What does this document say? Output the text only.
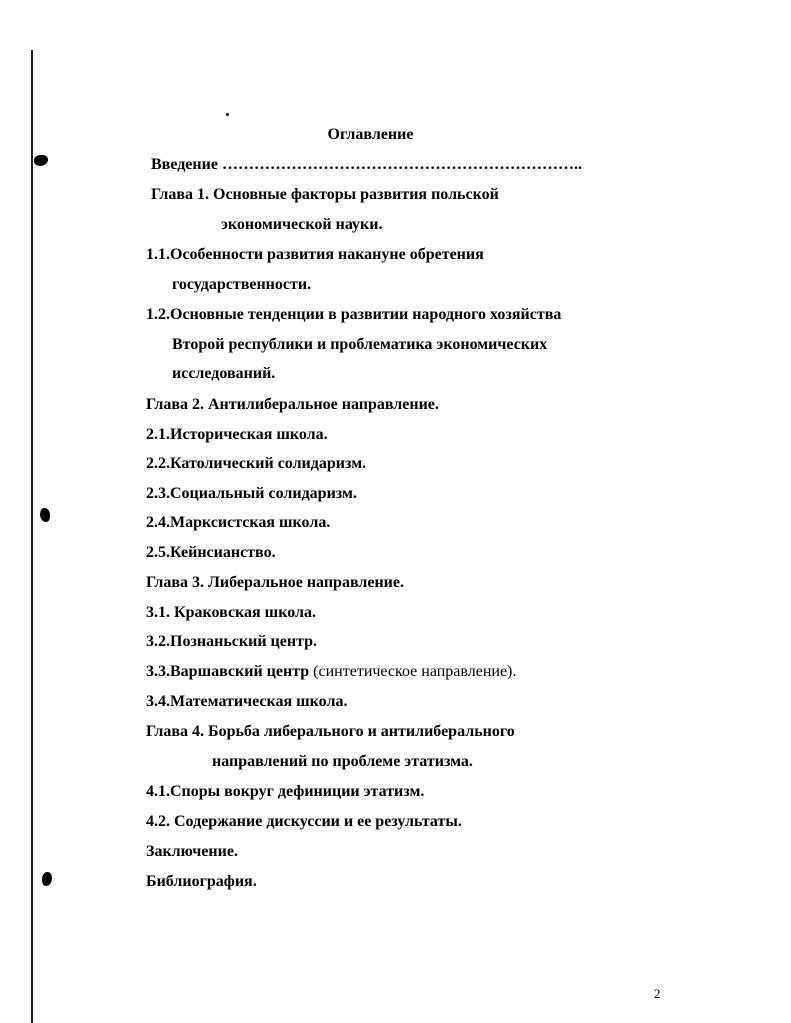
Оглавление
Введение …………………………………………………………..
Глава 1. Основные факторы развития польской
экономической науки.
1.1.Особенности развития накануне обретения
государственности.
1.2.Основные тенденции в развитии народного хозяйства
Второй республики и проблематика экономических
исследований.
Глава 2. Антилиберальное направление.
2.1.Историческая школа.
2.2.Католический солидаризм.
2.3.Социальный солидаризм.
2.4.Марксистская школа.
2.5.Кейнсианство.
Глава 3. Либеральное направление.
3.1. Краковская школа.
3.2.Познаньский центр.
3.3.Варшавский центр (синтетическое направление).
3.4.Математическая школа.
Глава 4. Борьба либерального и антилиберального
направлений по проблеме этатизма.
4.1.Споры вокруг дефиниции этатизм.
4.2. Содержание дискуссии и ее результаты.
Заключение.
Библиография.
2
